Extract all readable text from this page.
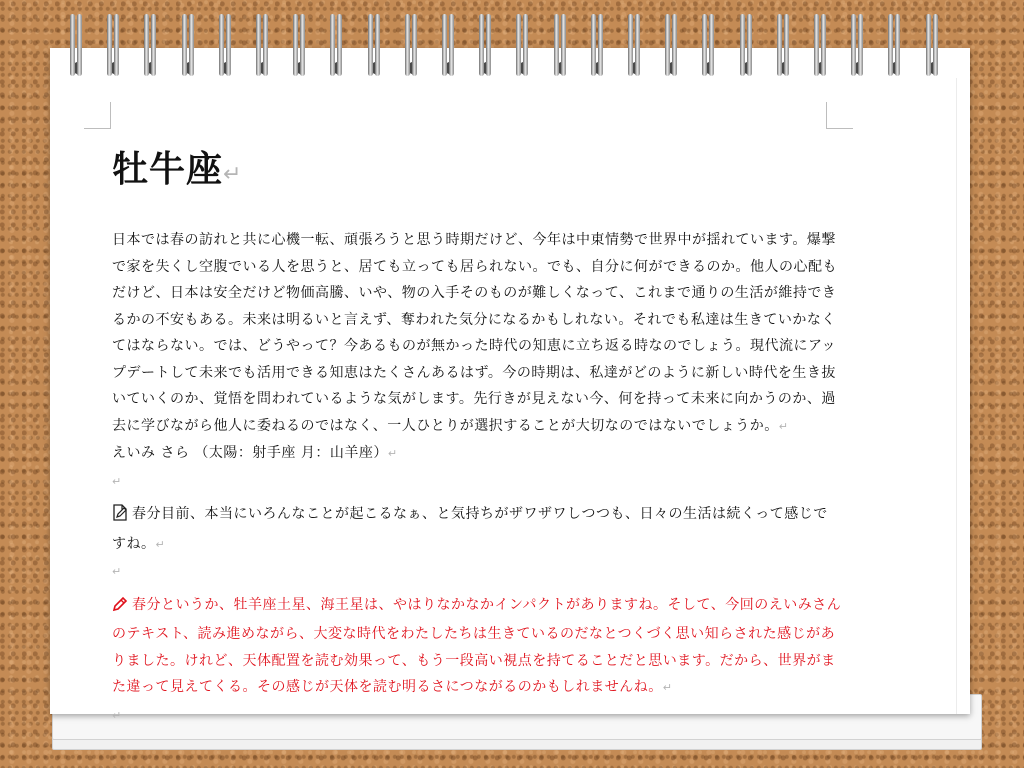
牡牛座↵

日本では春の訪れと共に心機一転、頑張ろうと思う時期だけど、今年は中東情勢で世界中が揺れています。爆撃で家を失くし空腹でいる人を思うと、居ても立っても居られない。でも、自分に何ができるのか。他人の心配もだけど、日本は安全だけど物価高騰、いや、物の入手そのものが難しくなって、これまで通りの生活が維持できるかの不安もある。未来は明るいと言えず、奪われた気分になるかもしれない。それでも私達は生きていかなくてはならない。では、どうやって？今あるものが無かった時代の知恵に立ち返る時なのでしょう。現代流にアップデートして未来でも活用できる知恵はたくさんあるはず。今の時期は、私達がどのように新しい時代を生き抜いていくのか、覚悟を問われているような気がします。先行きが見えない今、何を持って未来に向かうのか、過去に学びながら他人に委ねるのではなく、一人ひとりが選択することが大切なのではないでしょうか。↵

えいみ さら （太陽：射手座 月：山羊座）↵

↵

春分目前、本当にいろんなことが起こるなぁ、と気持ちがザワザワしつつも、日々の生活は続くって感じですね。↵

↵

春分というか、牡羊座土星、海王星は、やはりなかなかインパクトがありますね。そして、今回のえいみさんのテキスト、読み進めながら、大変な時代をわたしたちは生きているのだなとつくづく思い知らされた感じがありました。けれど、天体配置を読む効果って、もう一段高い視点を持てることだと思います。だから、世界がまた違って見えてくる。その感じが天体を読む明るさにつながるのかもしれませんね。↵

↵
